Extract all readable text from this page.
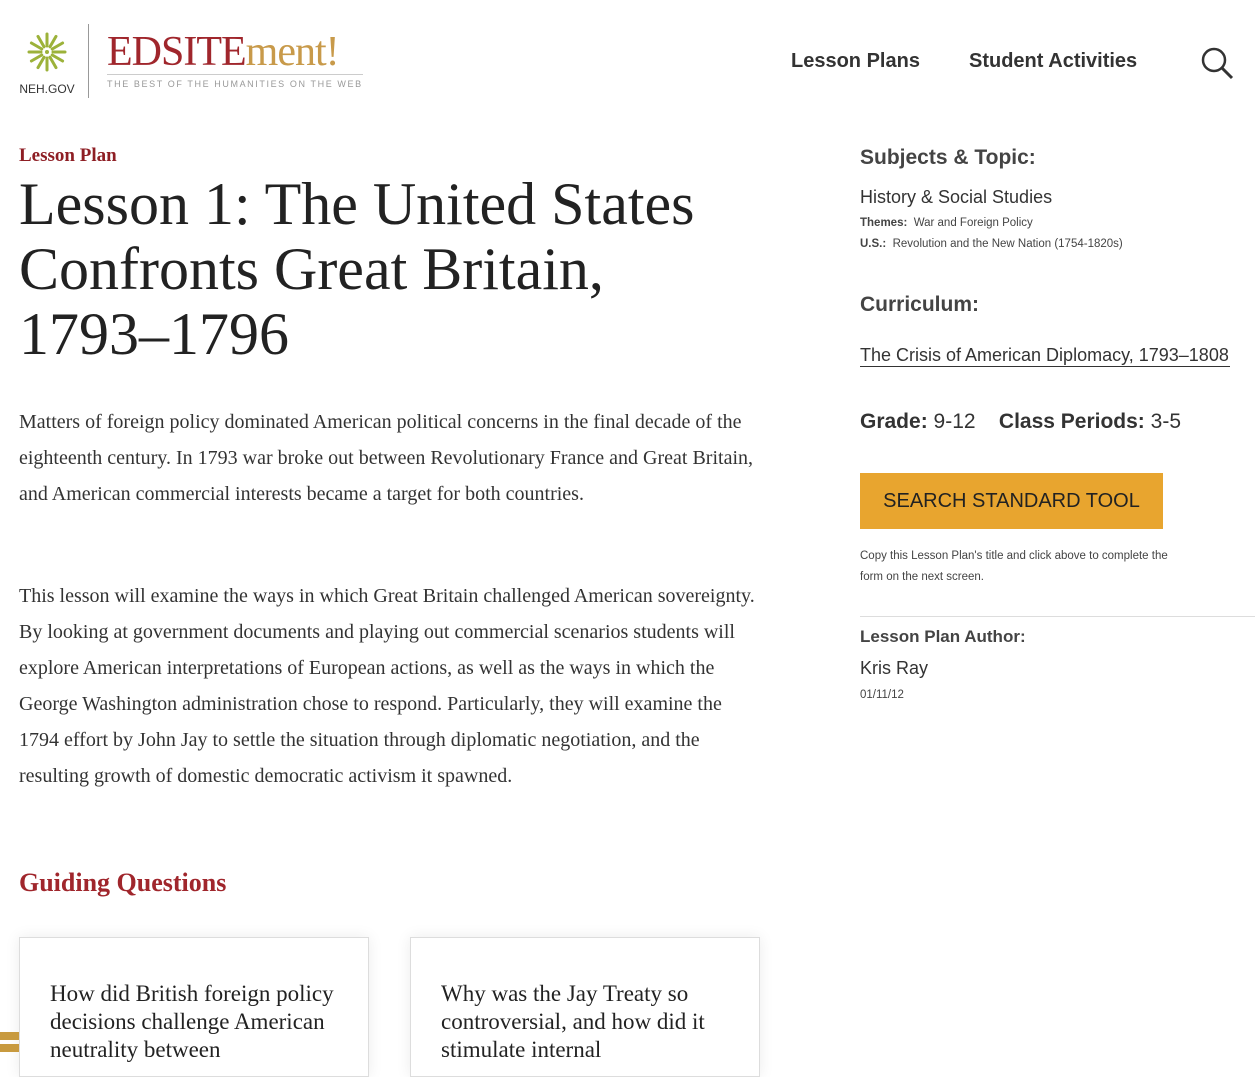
NEH.GOV
EDSITEment!
THE BEST OF THE HUMANITIES ON THE WEB
Lesson Plans Student Activities
Lesson Plan
Lesson 1: The United States Confronts Great Britain, 1793–1796

Matters of foreign policy dominated American political concerns in the final decade of the eighteenth century. In 1793 war broke out between Revolutionary France and Great Britain, and American commercial interests became a target for both countries.

This lesson will examine the ways in which Great Britain challenged American sovereignty. By looking at government documents and playing out commercial scenarios students will explore American interpretations of European actions, as well as the ways in which the George Washington administration chose to respond. Particularly, they will examine the 1794 effort by John Jay to settle the situation through diplomatic negotiation, and the resulting growth of domestic democratic activism it spawned.

Guiding Questions
How did British foreign policy decisions challenge American neutrality between
Why was the Jay Treaty so controversial, and how did it stimulate internal
Subjects & Topic:
History & Social Studies
Themes: War and Foreign Policy
U.S.: Revolution and the New Nation (1754-1820s)
Curriculum:
The Crisis of American Diplomacy, 1793–1808
Grade: 9-12 Class Periods: 3-5
SEARCH STANDARD TOOL
Copy this Lesson Plan's title and click above to complete the form on the next screen.
Lesson Plan Author:
Kris Ray
01/11/12
